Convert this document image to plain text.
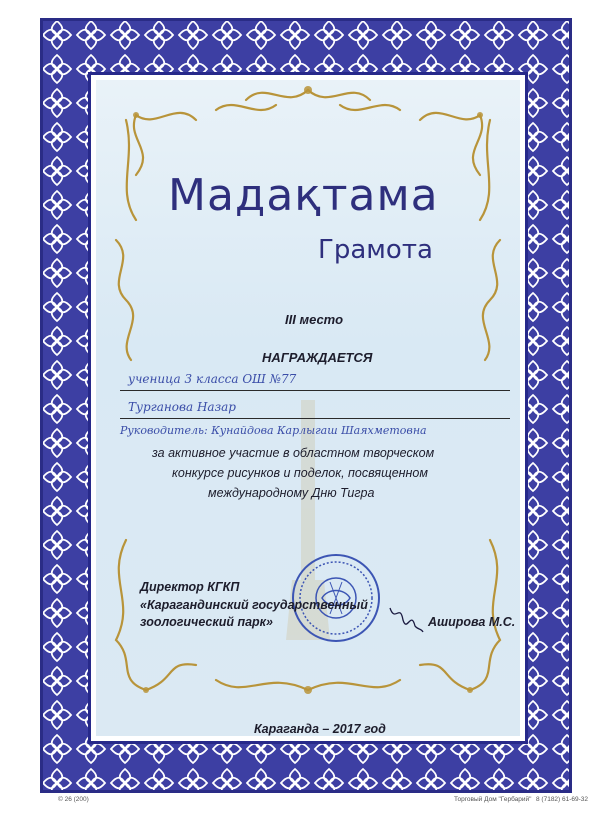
Мадақтама
Грамота
III место
НАГРАЖДАЕТСЯ
ученица 3 класса ОШ №77
Турганова Назар
Руководитель: Кунайдова Карлыгаш Шаяхметовна
за активное участие в областном творческом
конкурсе рисунков и поделок, посвященном
международному Дню Тигра
Директор КГКП
«Карагандинский государственный
зоологический парк»	Аширова М.С.
Караганда – 2017 год
© 26 (200)	Торговый Дом "Гербарий" 8 (7182) 61-69-32
